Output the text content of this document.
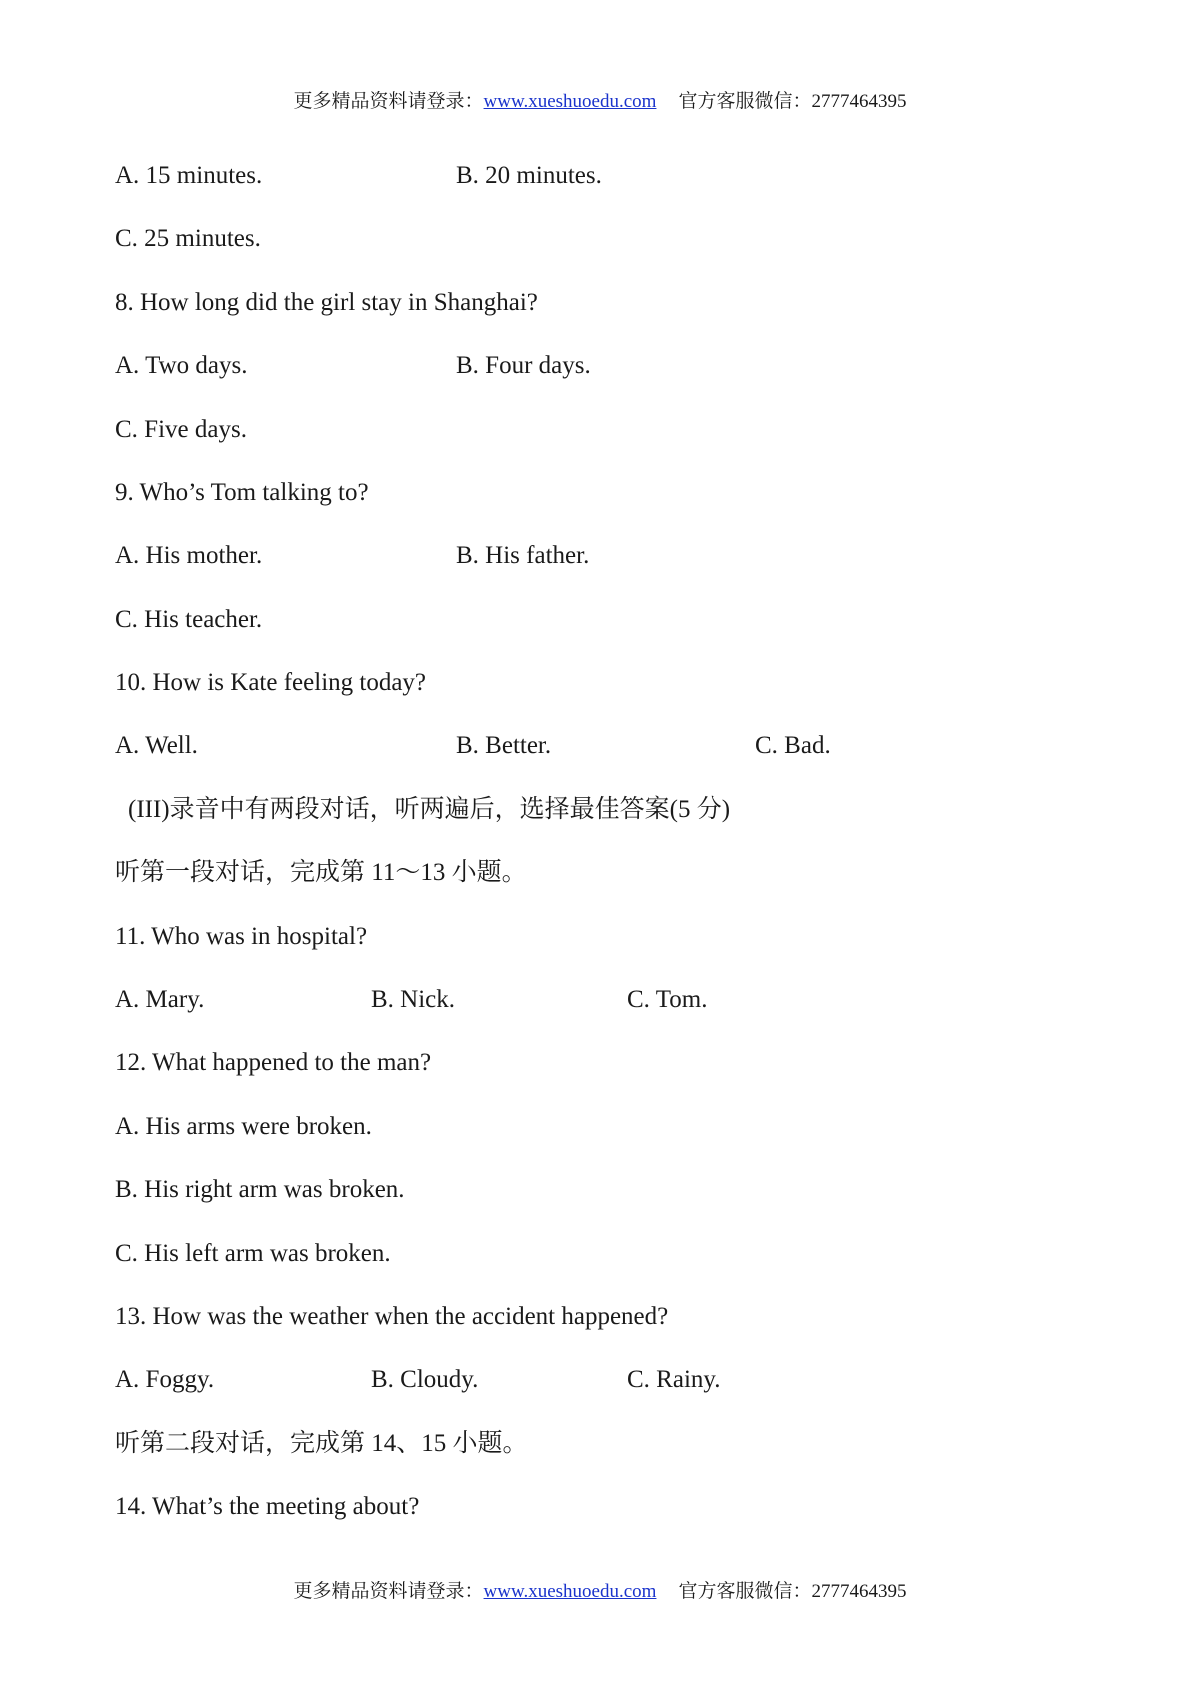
更多精品资料请登录：www.xueshuoedu.com 官方客服微信：2777464395
A. 15 minutes.	B. 20 minutes.
C. 25 minutes.
8. How long did the girl stay in Shanghai?
A. Two days.	B. Four days.
C. Five days.
9. Who’s Tom talking to?
A. His mother.	B. His father.
C. His teacher.
10. How is Kate feeling today?
A. Well.	B. Better.	C. Bad.
(III)录音中有两段对话，听两遍后，选择最佳答案(5 分)
听第一段对话，完成第 11～13 小题。
11. Who was in hospital?
A. Mary.	B. Nick.	C. Tom.
12. What happened to the man?
A. His arms were broken.
B. His right arm was broken.
C. His left arm was broken.
13. How was the weather when the accident happened?
A. Foggy.	B. Cloudy.	C. Rainy.
听第二段对话，完成第 14、15 小题。
14. What’s the meeting about?
更多精品资料请登录：www.xueshuoedu.com 官方客服微信：2777464395
